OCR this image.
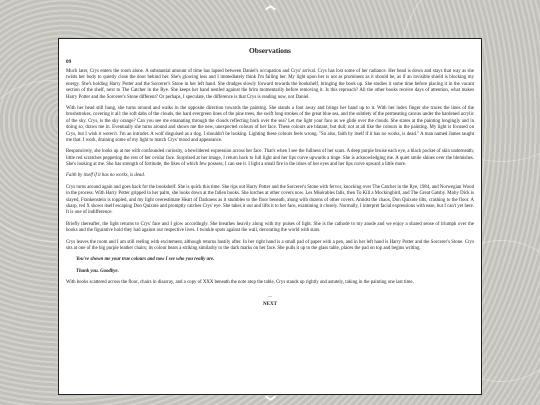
❮
Observations
09

Much later, Crys enters the room alone. A substantial amount of time has lapsed between Daniel's occupation and Crys' arrival. Crys has lost some of her radiance. Her head is down and stays that way as she twists her body to quietly close the door behind her. She's glowing less and I immediately think I'm failing her. My light upon her is not as prominent as it should be, as if an invisible shield is blocking my energy. She's holding Harry Potter and the Sorcerer's Stone in her left hand. She drudges slowly forward towards the bookshelf, bringing the book up. She studies it some time before placing it in the vacant section of the shelf, next to The Catcher in the Rye. She keeps her hand nestled against the brim momentarily before removing it. Is this reproach? All the other books receive days of attention, what makes Harry Potter and the Sorcerer's Stone different? Or perhaps, I speculate, the difference is that Crys is reading now, not Daniel.

With her head still hung, she turns around and walks in the opposite direction towards the painting. She stands a foot away and brings her hand up to it. With her index finger she traces the lines of the brushstrokes, covering it all: the soft dabs of the clouds, the hard evergreen lines of the pine trees, the swift long strokes of the great blue sea, and the subtlety of the permeating canvas under the hardened acrylic of the sky. Crys, is the sky orange? Can you see me emanating through the clouds reflecting back over the sea? Let me light your face as we glide over the clouds. She stares at the painting longingly and in doing so, draws me in. Eventually she turns around and shows me the new, unexpected colours of her face. These colours are blatant, but dull; not at all like the colours in the painting. My light is focused on Crys, but I wish it weren't. I'm an intruder. A wolf disguised as a dog. I shouldn't be looking. Lighting these colours feels wrong. "So also, faith by itself if it has no works, is dead." A man named James taught me that. I work, draining some of my light to match Crys' mood and appearance.

Responsively, she looks up at me with confounded curiosity, a bewildered expression across her face. That's when I see the fullness of her scars. A deep purple bruise each eye, a black pocket of skin underneath; little red scratches peppering the rest of her ovular face. Surprised at her image, I return back to full light and her lips curve upwards a tinge. She is acknowledging me. A quiet smile shines over the blemishes. She's looking at me. She has strength of fortitude, the likes of which few possess; I can see it. I light a small fire in the irises of her eyes and her lips curve upward a little more.

Faith by itself if it has no works, is dead.

Crys turns around again and goes back for the bookshelf. She is quick this time. She rips out Harry Potter and the Sorcerer's Stone with fervor, knocking over The Catcher in the Rye, 1984, and Norwegian Wood in the process. With Harry Potter gripped in her palm, she looks down at the fallen books. She lurches at other covers now. Les Misérables falls, then To Kill a Mockingbird, and The Great Gatsby. Moby Dick is slayed, Frankenstein is toppled, and my light overestimate Heart of Darkness as it stumbles to the floor beneath, along with dozens of other covers. Amidst the chaos, Don Quixote tilts, crashing to the floor. A sharp, red X shows itself escaping Don Quixote and promptly catches Crys' eye. She takes it out and lifts it to her face, examining it closely. Normally, I interpret facial expressions with ease, but I can't yet here. It is one of indifference.

Briefly thereafter, the light returns to Crys' face and I glow accordingly. She breathes heavily along with my pulses of light. She is the cathode to my anode and we enjoy a shared sense of triumph over the books and the figurative hold they had against our respective lives. I twinkle spots against the wall, decorating the world with stars.

Crys leaves the room and I am still reeling with excitement, although returns hastily after. In her right hand is a small pad of paper with a pen, and in her left hand is Harry Potter and the Sorcerer's Stone. Crys sits at one of the big purple leather chairs; its colour bears a striking similarity to the dark marks on her face. She pulls it up to the glass table, places the pad on top and begins writing.

You've shown me your true colours and now I see who you really are.

Thank you. Goodbye.

With books scattered across the floor, chairs in disarray, and a copy of XXX beneath the note atop the table, Crys stands up rightly and astutely, taking in the painting one last time.

...
NEXT
❯
